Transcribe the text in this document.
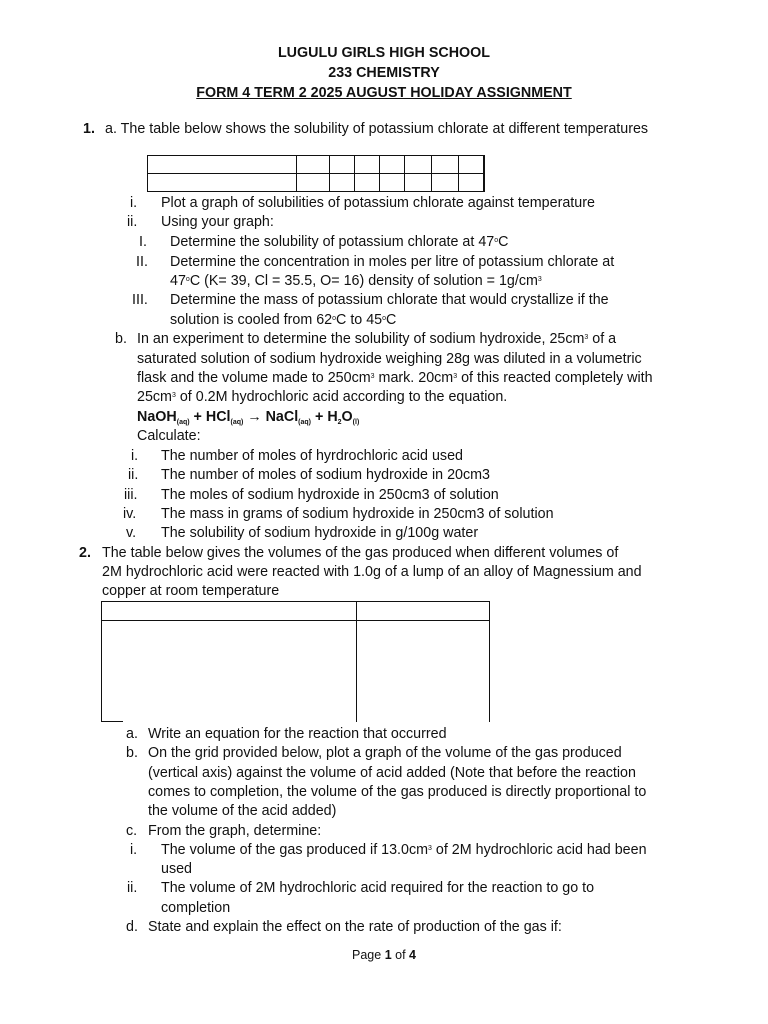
LUGULU GIRLS HIGH SCHOOL
233 CHEMISTRY
FORM 4 TERM 2 2025 AUGUST HOLIDAY ASSIGNMENT
1. a. The table below shows the solubility of potassium chlorate at different temperatures

i. Plot a graph of solubilities of potassium chlorate against temperature
ii. Using your graph:
I. Determine the solubility of potassium chlorate at 47$^o$C
II. Determine the concentration in moles per litre of potassium chlorate at
47$^o$C (K= 39, Cl = 35.5, O= 16) density of solution = $1g/cm^3$
III. Determine the mass of potassium chlorate that would crystallize if the
solution is cooled from 62$^o$C to 45$^o$C
b. In an experiment to determine the solubility of sodium hydroxide, $25cm^3$ of a
saturated solution of sodium hydroxide weighing 28g was diluted in a volumetric
flask and the volume made to $250cm^3$ mark. $20cm^3$ of this reacted completely with
$25cm^3$ of 0.2M hydrochloric acid according to the equation.
NaOH$_{(aq)}$ + HCl$_{(aq)}$ → NaCl$_{(aq)}$ + $H_2O_{(l)}$
Calculate:
i. The number of moles of hyrdrochloric acid used
ii. The number of moles of sodium hydroxide in 20cm3
iii. The moles of sodium hydroxide in 250cm3 of solution
iv. The mass in grams of sodium hydroxide in 250cm3 of solution
v. The solubility of sodium hydroxide in g/100g water
2. The table below gives the volumes of the gas produced when different volumes of
2M hydrochloric acid were reacted with 1.0g of a lump of an alloy of Magnessium and
copper at room temperature
a. Write an equation for the reaction that occurred
b. On the grid provided below, plot a graph of the volume of the gas produced
(vertical axis) against the volume of acid added (Note that before the reaction
comes to completion, the volume of the gas produced is directly proportional to
the volume of the acid added)
c. From the graph, determine:
i. The volume of the gas produced if $13.0cm^3$ of 2M hydrochloric acid had been
used
ii. The volume of 2M hydrochloric acid required for the reaction to go to
completion
d. State and explain the effect on the rate of production of the gas if:
Page 1 of 4
